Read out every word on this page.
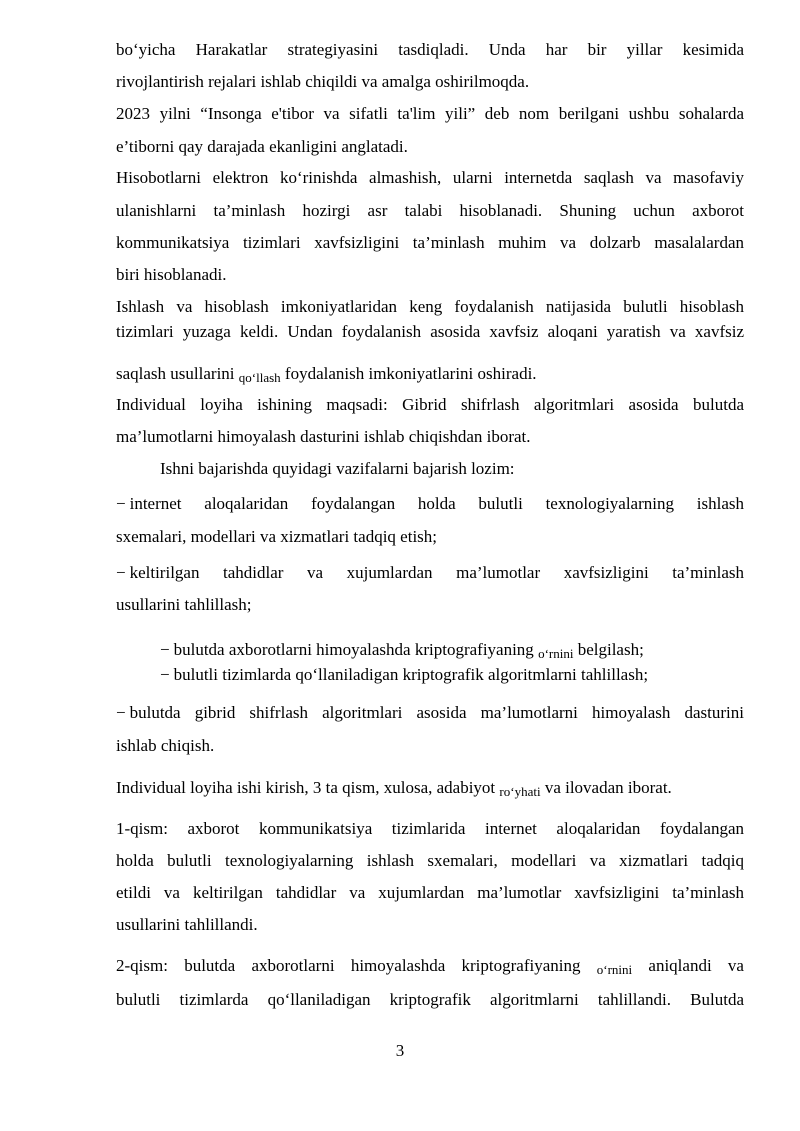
bo‘yicha Harakatlar strategiyasini tasdiqladi. Unda har bir yillar kesimida
rivojlantirish rejalari ishlab chiqildi va amalga oshirilmoqda.
2023 yilni “Insonga e'tibor va sifatli ta'lim yili” deb nom berilgani ushbu sohalarda
e’tiborni qay darajada ekanligini anglatadi.
Hisobotlarni elektron ko‘rinishda almashish, ularni internetda saqlash va masofaviy
ulanishlarni ta’minlash hozirgi asr talabi hisoblanadi. Shuning uchun axborot
kommunikatsiya tizimlari xavfsizligini ta’minlash muhim va dolzarb masalalardan
biri hisoblanadi.
Ishlash va hisoblash imkoniyatlaridan keng foydalanish natijasida bulutli hisoblash
tizimlari yuzaga keldi. Undan foydalanish asosida xavfsiz aloqani yaratish va xavfsiz
saqlash usullarini qo‘llash foydalanish imkoniyatlarini oshiradi.
Individual loyiha ishining maqsadi: Gibrid shifrlash algoritmlari asosida bulutda
ma’lumotlarni himoyalash dasturini ishlab chiqishdan iborat.
Ishni bajarishda quyidagi vazifalarni bajarish lozim:
− internet aloqalaridan foydalangan holda bulutli texnologiyalarning ishlash
sxemalari, modellari va xizmatlari tadqiq etish;
− keltirilgan tahdidlar va xujumlardan ma’lumotlar xavfsizligini ta’minlash
usullarini tahlillash;
− bulutda axborotlarni himoyalashda kriptografiyaning o‘rnini belgilash;
− bulutli tizimlarda qo‘llaniladigan kriptografik algoritmlarni tahlillash;
− bulutda gibrid shifrlash algoritmlari asosida ma’lumotlarni himoyalash dasturini
ishlab chiqish.
Individual loyiha ishi kirish, 3 ta qism, xulosa, adabiyot ro‘yhati va ilovadan iborat.
1-qism: axborot kommunikatsiya tizimlarida internet aloqalaridan foydalangan
holda bulutli texnologiyalarning ishlash sxemalari, modellari va xizmatlari tadqiq
etildi va keltirilgan tahdidlar va xujumlardan ma’lumotlar xavfsizligini ta’minlash
usullarini tahlillandi.
2-qism: bulutda axborotlarni himoyalashda kriptografiyaning o‘rnini aniqlandi va
bulutli tizimlarda qo‘llaniladigan kriptografik algoritmlarni tahlillandi. Bulutda
3
